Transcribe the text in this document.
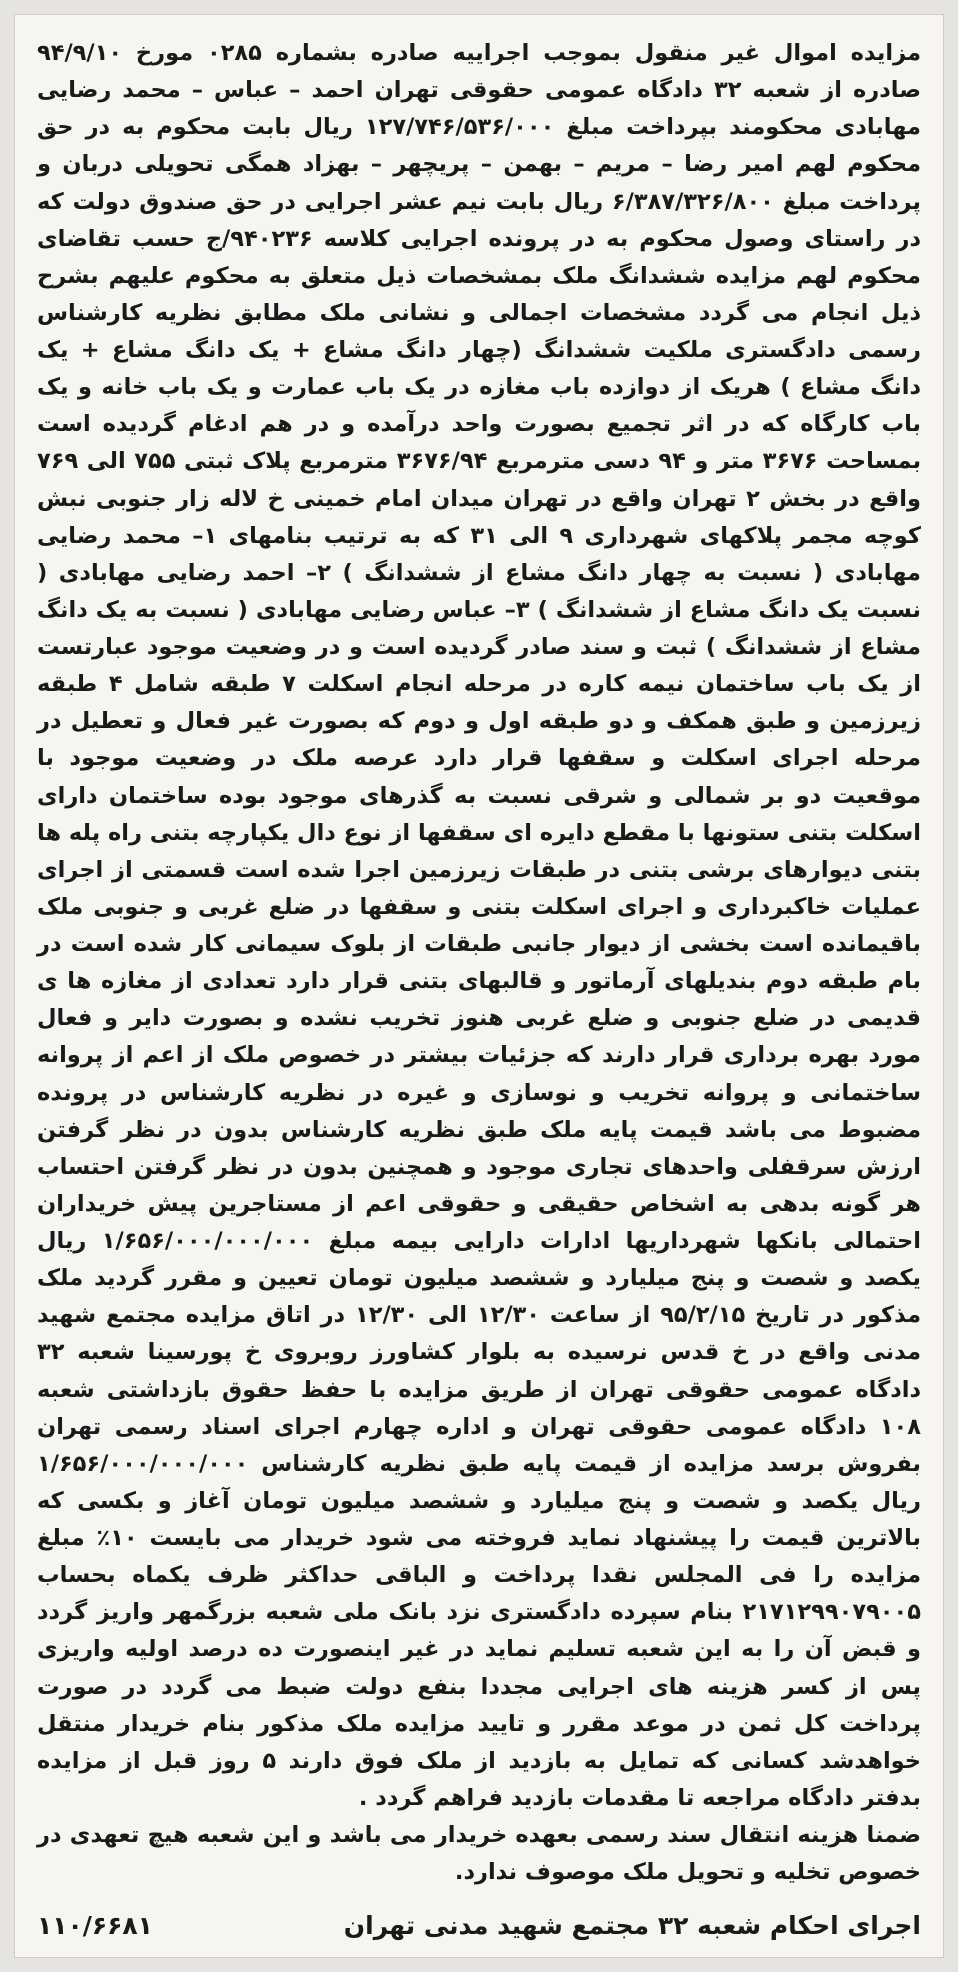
مزایده اموال غیر منقول بموجب اجراییه صادره بشماره ۰۲۸۵ مورخ ۹۴/۹/۱۰ صادره از شعبه ۳۲ دادگاه عمومی حقوقی تهران احمد – عباس – محمد رضایی مهابادی محکومند بپرداخت مبلغ ۱۲۷/۷۴۶/۵۳۶/۰۰۰ ریال بابت محکوم به در حق محکوم لهم امیر رضا – مریم – بهمن – پریچهر – بهزاد همگی تحویلی دربان و پرداخت مبلغ ۶/۳۸۷/۳۲۶/۸۰۰ ریال بابت نیم عشر اجرایی در حق صندوق دولت که در راستای وصول محکوم به در پرونده اجرایی کلاسه ۹۴۰۲۳۶/ج حسب تقاضای محکوم لهم مزایده ششدانگ ملک بمشخصات ذیل متعلق به محکوم علیهم بشرح ذیل انجام می گردد مشخصات اجمالی و نشانی ملک مطابق نظریه کارشناس رسمی دادگستری ملکیت ششدانگ (چهار دانگ مشاع + یک دانگ مشاع + یک دانگ مشاع ) هریک از دوازده باب مغازه در یک باب عمارت و یک باب خانه و یک باب کارگاه که در اثر تجمیع بصورت واحد درآمده و در هم ادغام گردیده است بمساحت ۳۶۷۶ متر و ۹۴ دسی مترمربع ۳۶۷۶/۹۴ مترمربع پلاک ثبتی ۷۵۵ الی ۷۶۹ واقع در بخش ۲ تهران واقع در تهران میدان امام خمینی خ لاله زار جنوبی نبش کوچه مجمر پلاکهای شهرداری ۹ الی ۳۱ که به ترتیب بنامهای ۱– محمد رضایی مهابادی ( نسبت به چهار دانگ مشاع از ششدانگ ) ۲– احمد رضایی مهابادی ( نسبت یک دانگ مشاع از ششدانگ ) ۳– عباس رضایی مهابادی ( نسبت به یک دانگ مشاع از ششدانگ ) ثبت و سند صادر گردیده است و در وضعیت موجود عبارتست از یک باب ساختمان نیمه کاره در مرحله انجام اسکلت ۷ طبقه شامل ۴ طبقه زیرزمین و طبق همکف و دو طبقه اول و دوم که بصورت غیر فعال و تعطیل در مرحله اجرای اسکلت و سقفها قرار دارد عرصه ملک در وضعیت موجود با موقعیت دو بر شمالی و شرقی نسبت به گذرهای موجود بوده ساختمان دارای اسکلت بتنی ستونها با مقطع دایره ای سقفها از نوع دال یکپارچه بتنی راه پله ها بتنی دیوارهای برشی بتنی در طبقات زیرزمین اجرا شده است قسمتی از اجرای عملیات خاکبرداری و اجرای اسکلت بتنی و سقفها در ضلع غربی و جنوبی ملک باقیمانده است بخشی از دیوار جانبی طبقات از بلوک سیمانی کار شده است در بام طبقه دوم بندیلهای آرماتور و قالبهای بتنی قرار دارد تعدادی از مغازه ها ی قدیمی در ضلع جنوبی و ضلع غربی هنوز تخریب نشده و بصورت دایر و فعال مورد بهره برداری قرار دارند که جزئیات بیشتر در خصوص ملک از اعم از پروانه ساختمانی و پروانه تخریب و نوسازی و غیره در نظریه کارشناس در پرونده مضبوط می باشد قیمت پایه ملک طبق نظریه کارشناس بدون در نظر گرفتن ارزش سرقفلی واحدهای تجاری موجود و همچنین بدون در نظر گرفتن احتساب هر گونه بدهی به اشخاص حقیقی و حقوقی اعم از مستاجرین پیش خریداران احتمالی بانکها شهرداریها ادارات دارایی بیمه مبلغ ۱/۶۵۶/۰۰۰/۰۰۰/۰۰۰ ریال یکصد و شصت و پنج میلیارد و ششصد میلیون تومان تعیین و مقرر گردید ملک مذکور در تاریخ ۹۵/۲/۱۵ از ساعت ۱۲/۳۰ الی ۱۲/۳۰ در اتاق مزایده مجتمع شهید مدنی واقع در خ قدس نرسیده به بلوار کشاورز روبروی خ پورسینا شعبه ۳۲ دادگاه عمومی حقوقی تهران از طریق مزایده با حفظ حقوق بازداشتی شعبه ۱۰۸ دادگاه عمومی حقوقی تهران و اداره چهارم اجرای اسناد رسمی تهران بفروش برسد مزایده از قیمت پایه طبق نظریه کارشناس ۱/۶۵۶/۰۰۰/۰۰۰/۰۰۰ ریال یکصد و شصت و پنج میلیارد و ششصد میلیون تومان آغاز و بکسی که بالاترین قیمت را پیشنهاد نماید فروخته می شود خریدار می بایست ۱۰٪ مبلغ مزایده را فی المجلس نقدا پرداخت و الباقی حداکثر ظرف یکماه بحساب ۲۱۷۱۲۹۹۰۷۹۰۰۵ بنام سپرده دادگستری نزد بانک ملی شعبه بزرگمهر واریز گردد و قبض آن را به این شعبه تسلیم نماید در غیر اینصورت ده درصد اولیه واریزی پس از کسر هزینه های اجرایی مجددا بنفع دولت ضبط می گردد در صورت پرداخت کل ثمن در موعد مقرر و تایید مزایده ملک مذکور بنام خریدار منتقل خواهدشد کسانی که تمایل به بازدید از ملک فوق دارند ۵ روز قبل از مزایده بدفتر دادگاه مراجعه تا مقدمات بازدید فراهم گردد .
ضمنا هزینه انتقال سند رسمی بعهده خریدار می باشد و این شعبه هیچ تعهدی در خصوص تخلیه و تحویل ملک موصوف ندارد.
اجرای احکام شعبه ۳۲ مجتمع شهید مدنی تهران
۱۱۰/۶۶۸۱
